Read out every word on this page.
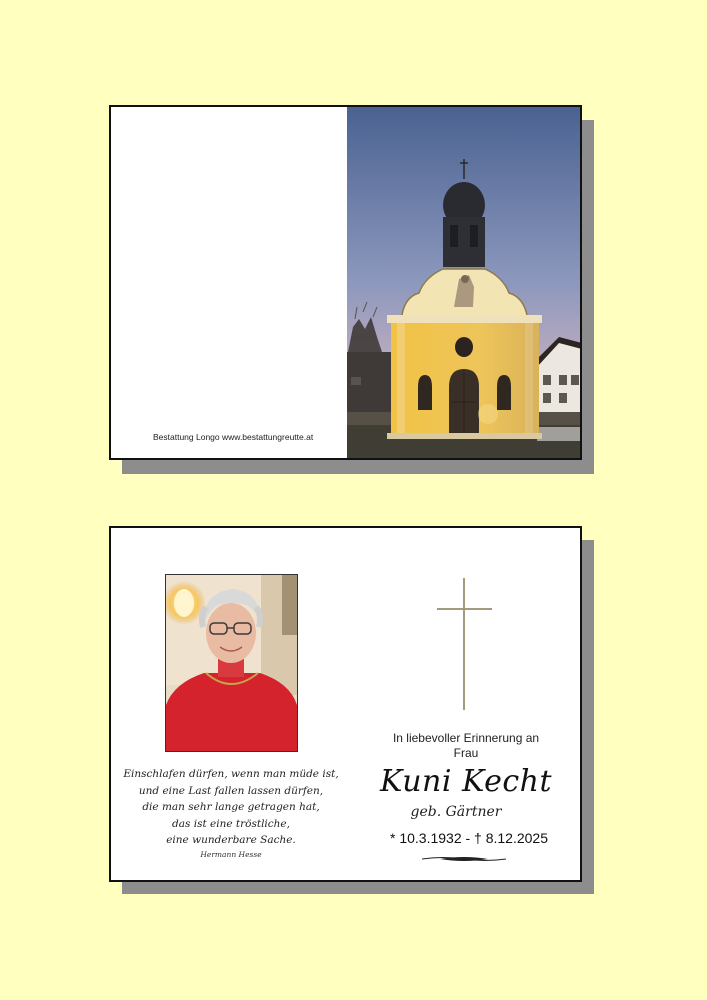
Bestattung Longo www.bestattungreutte.at
Einschlafen dürfen, wenn man müde ist,
und eine Last fallen lassen dürfen,
die man sehr lange getragen hat,
das ist eine tröstliche,
eine wunderbare Sache.
Hermann Hesse
In liebevoller Erinnerung an
Frau
Kuni Kecht
geb. Gärtner
* 10.3.1932 - † 8.12.2025
